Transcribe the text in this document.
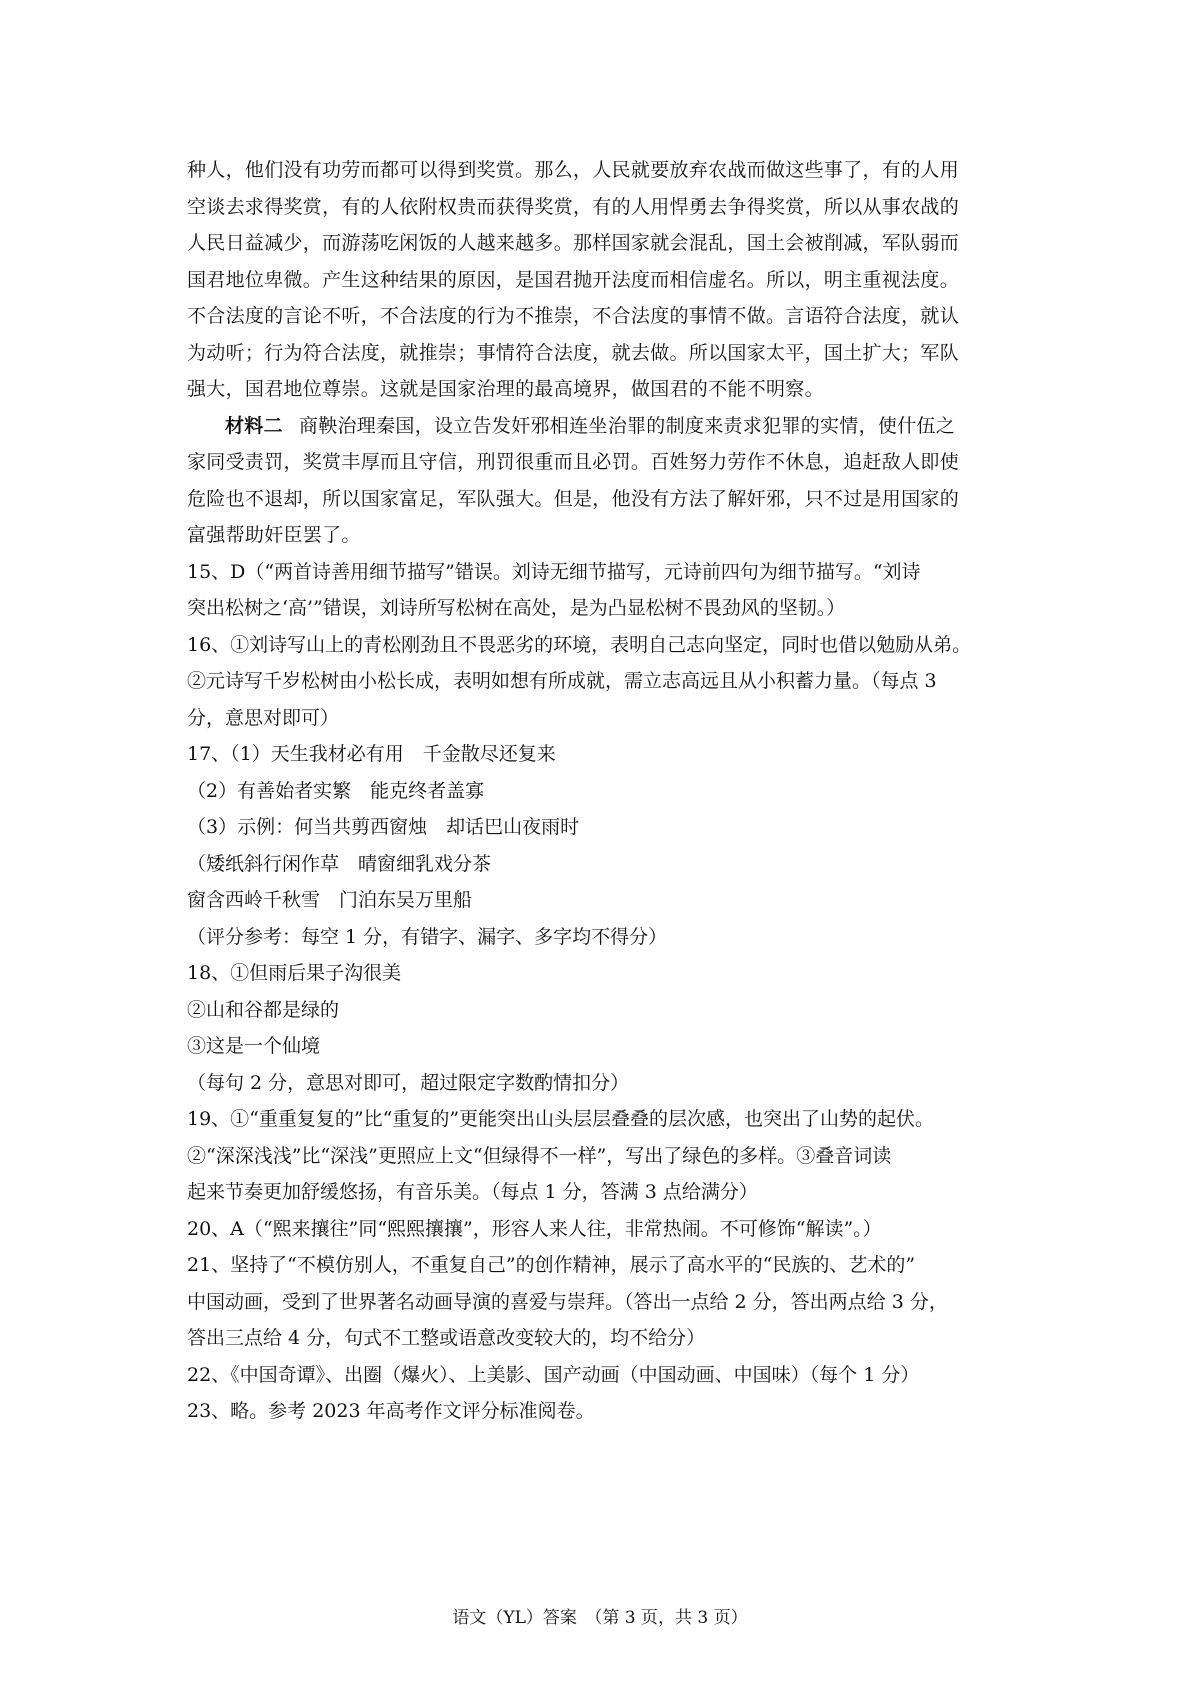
种人，他们没有功劳而都可以得到奖赏。那么，人民就要放弃农战而做这些事了，有的人用

空谈去求得奖赏，有的人依附权贵而获得奖赏，有的人用悍勇去争得奖赏，所以从事农战的

人民日益减少，而游荡吃闲饭的人越来越多。那样国家就会混乱，国土会被削减，军队弱而

国君地位卑微。产生这种结果的原因，是国君抛开法度而相信虚名。所以，明主重视法度。

不合法度的言论不听，不合法度的行为不推崇，不合法度的事情不做。言语符合法度，就认

为动听；行为符合法度，就推崇；事情符合法度，就去做。所以国家太平，国土扩大；军队

强大，国君地位尊崇。这就是国家治理的最高境界，做国君的不能不明察。

材料二 商鞅治理秦国，设立告发奸邪相连坐治罪的制度来责求犯罪的实情，使什伍之

家同受责罚，奖赏丰厚而且守信，刑罚很重而且必罚。百姓努力劳作不休息，追赶敌人即使

危险也不退却，所以国家富足，军队强大。但是，他没有方法了解奸邪，只不过是用国家的

富强帮助奸臣罢了。

15、D（“两首诗善用细节描写”错误。刘诗无细节描写，元诗前四句为细节描写。“刘诗

突出松树之‘高’”错误，刘诗所写松树在高处，是为凸显松树不畏劲风的坚韧。）

16、①刘诗写山上的青松刚劲且不畏恶劣的环境，表明自己志向坚定，同时也借以勉励从弟。

②元诗写千岁松树由小松长成，表明如想有所成就，需立志高远且从小积蓄力量。（每点 3

分，意思对即可）

17、（1）天生我材必有用　千金散尽还复来

（2）有善始者实繁　能克终者盖寡

（3）示例：何当共剪西窗烛　却话巴山夜雨时

（矮纸斜行闲作草　晴窗细乳戏分茶

窗含西岭千秋雪　门泊东吴万里船

（评分参考：每空 1 分，有错字、漏字、多字均不得分）

18、①但雨后果子沟很美

②山和谷都是绿的

③这是一个仙境

（每句 2 分，意思对即可，超过限定字数酌情扣分）

19、①“重重复复的”比“重复的”更能突出山头层层叠叠的层次感，也突出了山势的起伏。

②“深深浅浅”比“深浅”更照应上文“但绿得不一样”，写出了绿色的多样。③叠音词读

起来节奏更加舒缓悠扬，有音乐美。（每点 1 分，答满 3 点给满分）

20、A（“熙来攘往”同“熙熙攘攘”，形容人来人往，非常热闹。不可修饰“解读”。）

21、坚持了“不模仿别人，不重复自己”的创作精神，展示了高水平的“民族的、艺术的”

中国动画，受到了世界著名动画导演的喜爱与崇拜。（答出一点给 2 分，答出两点给 3 分，

答出三点给 4 分，句式不工整或语意改变较大的，均不给分）

22、《中国奇谭》、出圈（爆火）、上美影、国产动画（中国动画、中国味）（每个 1 分）

23、略。参考 2023 年高考作文评分标准阅卷。

语文（YL）答案　（第 3 页，共 3 页）
